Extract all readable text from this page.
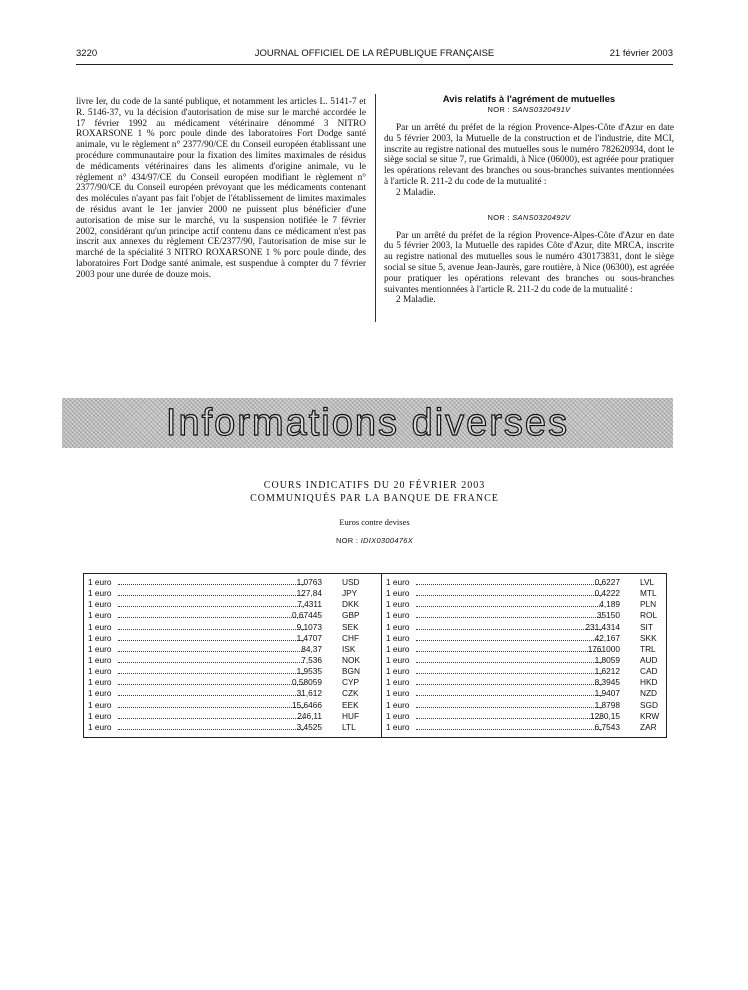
3220	JOURNAL OFFICIEL DE LA RÉPUBLIQUE FRANÇAISE	21 février 2003

livre Ier, du code de la santé publique, et notamment les articles L. 5141-7 et R. 5146-37, vu la décision d'autorisation de mise sur le marché accordée le 17 février 1992 au médicament vétérinaire dénommé 3 NITRO ROXARSONE 1 % porc poule dinde des laboratoires Fort Dodge santé animale, vu le règlement n° 2377/90/CE du Conseil européen établissant une procédure communautaire pour la fixation des limites maximales de résidus de médicaments vétérinaires dans les aliments d'origine animale, vu le règlement n° 434/97/CE du Conseil européen modifiant le règlement n° 2377/90/CE du Conseil européen prévoyant que les médicaments contenant des molécules n'ayant pas fait l'objet de l'établissement de limites maximales de résidus avant le 1er janvier 2000 ne puissent plus bénéficier d'une autorisation de mise sur le marché, vu la suspension notifiée le 7 février 2002, considérant qu'un principe actif contenu dans ce médicament n'est pas inscrit aux annexes du règlement CE/2377/90, l'autorisation de mise sur le marché de la spécialité 3 NITRO ROXARSONE 1 % porc poule dinde, des laboratoires Fort Dodge santé animale, est suspendue à compter du 7 février 2003 pour une durée de douze mois.

Avis relatifs à l'agrément de mutuelles
NOR : SANS0320491V

Par un arrêté du préfet de la région Provence-Alpes-Côte d'Azur en date du 5 février 2003, la Mutuelle de la construction et de l'industrie, dite MCI, inscrite au registre national des mutuelles sous le numéro 782620934, dont le siège social se situe 7, rue Grimaldi, à Nice (06000), est agréée pour pratiquer les opérations relevant des branches ou sous-branches suivantes mentionnées à l'article R. 211-2 du code de la mutualité :

2 Maladie.

NOR : SANS0320492V

Par un arrêté du préfet de la région Provence-Alpes-Côte d'Azur en date du 5 février 2003, la Mutuelle des rapides Côte d'Azur, dite MRCA, inscrite au registre national des mutuelles sous le numéro 430173831, dont le siège social se situe 5, avenue Jean-Jaurès, gare routière, à Nice (06300), est agréée pour pratiquer les opérations relevant des branches ou sous-branches suivantes mentionnées à l'article R. 211-2 du code de la mutualité :

2 Maladie.

Informations diverses
COURS INDICATIFS DU 20 FÉVRIER 2003
COMMUNIQUÉS PAR LA BANQUE DE FRANCE
Euros contre devises
NOR : IDIX0300476X
1 euro	1,0763 USD
1 euro	127,84 JPY
1 euro	7,4311 DKK
1 euro	0,67445 GBP
1 euro	9,1073 SEK
1 euro	1,4707 CHF
1 euro	84,37 ISK
1 euro	7,536 NOK
1 euro	1,9535 BGN
1 euro	0,58059 CYP
1 euro	31,612 CZK
1 euro	15,6466 EEK
1 euro	246,11 HUF
1 euro	3,4525 LTL
1 euro	0,6227 LVL
1 euro	0,4222 MTL
1 euro	4,189 PLN
1 euro	35150 ROL
1 euro	231,4314 SIT
1 euro	42,167 SKK
1 euro	1761000 TRL
1 euro	1,8059 AUD
1 euro	1,6212 CAD
1 euro	8,3945 HKD
1 euro	1,9407 NZD
1 euro	1,8798 SGD
1 euro	1280,15 KRW
1 euro	6,7543 ZAR
